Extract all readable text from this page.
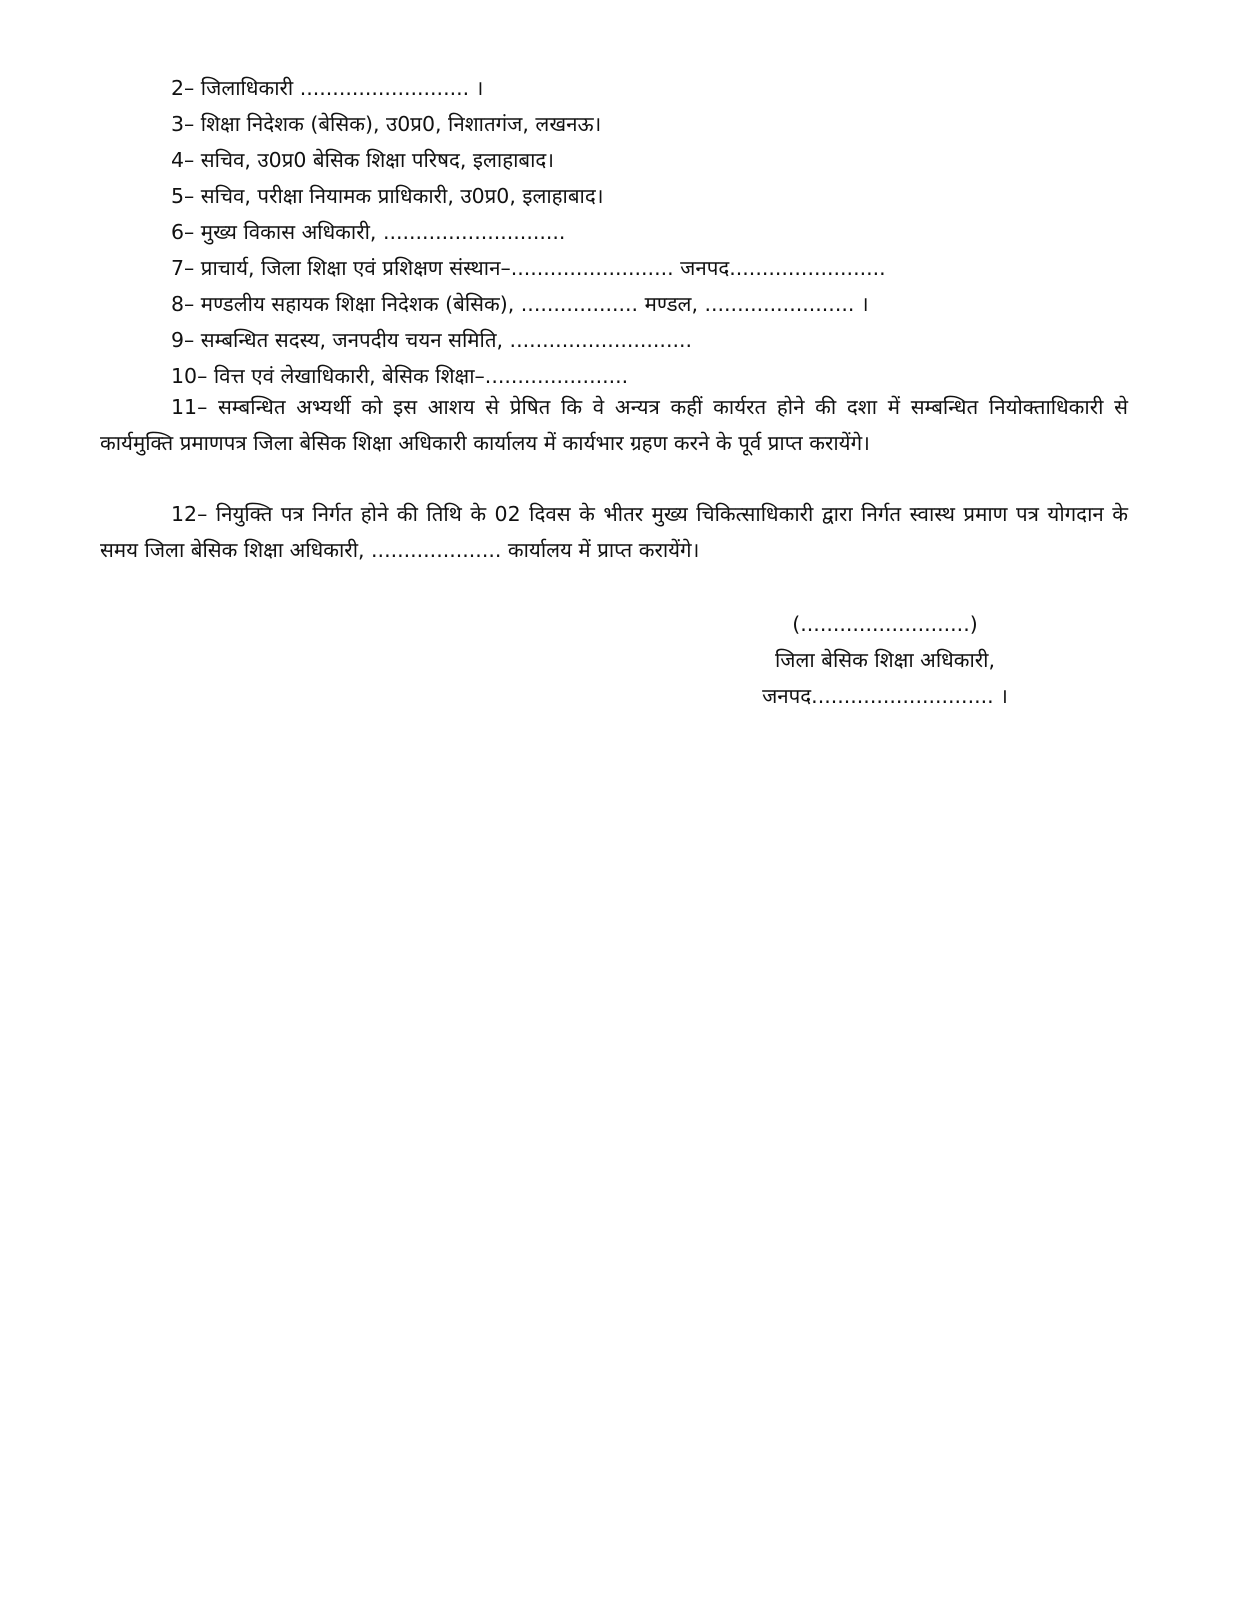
2– जिलाधिकारी .......................... ।
3– शिक्षा निदेशक (बेसिक), उ0प्र0, निशातगंज, लखनऊ।
4– सचिव, उ0प्र0 बेसिक शिक्षा परिषद, इलाहाबाद।
5– सचिव, परीक्षा नियामक प्राधिकारी, उ0प्र0, इलाहाबाद।
6– मुख्य विकास अधिकारी, ............................
7– प्राचार्य, जिला शिक्षा एवं प्रशिक्षण संस्थान–......................... जनपद........................
8– मण्डलीय सहायक शिक्षा निदेशक (बेसिक), .................. मण्डल, ....................... ।
9– सम्बन्धित सदस्य, जनपदीय चयन समिति, ............................
10– वित्त एवं लेखाधिकारी, बेसिक शिक्षा–......................
11– सम्बन्धित अभ्यर्थी को इस आशय से प्रेषित कि वे अन्यत्र कहीं कार्यरत होने की दशा में सम्बन्धित नियोक्ताधिकारी से कार्यमुक्ति प्रमाणपत्र जिला बेसिक शिक्षा अधिकारी कार्यालय में कार्यभार ग्रहण करने के पूर्व प्राप्त करायेंगे।
12– नियुक्ति पत्र निर्गत होने की तिथि के 02 दिवस के भीतर मुख्य चिकित्साधिकारी द्वारा निर्गत स्वास्थ प्रमाण पत्र योगदान के समय जिला बेसिक शिक्षा अधिकारी, .................... कार्यालय में प्राप्त करायेंगे।
(..........................)
जिला बेसिक शिक्षा अधिकारी,
जनपद............................ ।
